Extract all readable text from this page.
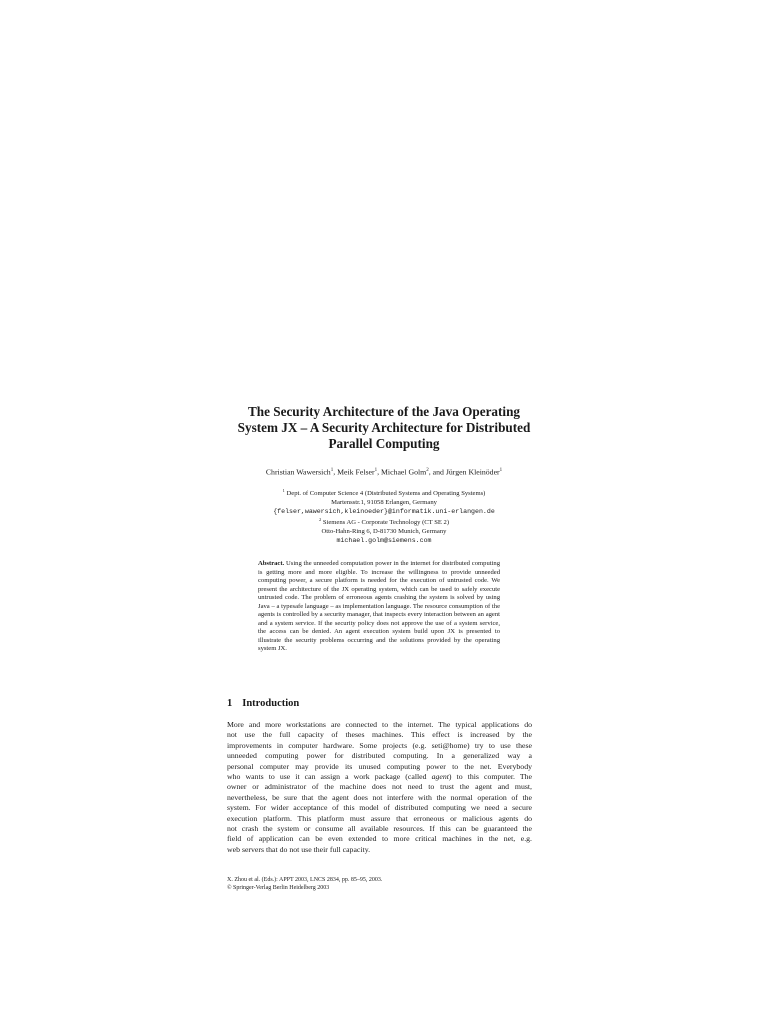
The Security Architecture of the Java Operating
System JX – A Security Architecture for Distributed
Parallel Computing
Christian Wawersich$^1$, Meik Felser$^1$, Michael Golm$^2$, and Jürgen Kleinöder$^1$
$^1$ Dept. of Computer Science 4 (Distributed Systems and Operating Systems)
Martensstr.1, 91058 Erlangen, Germany
{felser,wawersich,kleinoeder}@informatik.uni-erlangen.de
$^2$ Siemens AG - Corporate Technology (CT SE 2)
Otto-Hahn-Ring 6, D-81730 Munich, Germany
michael.golm@siemens.com

Abstract. Using the unneeded computation power in the internet for distributed computing is getting more and more eligible. To increase the willingness to provide unneeded computing power, a secure platform is needed for the execution of untrusted code. We present the architecture of the JX operating system, which can be used to safely execute untrusted code. The problem of erroneous agents crashing the system is solved by using Java – a typesafe language – as implementation language. The resource consumption of the agents is controlled by a security manager, that inspects every interaction between an agent and a system service. If the security policy does not approve the use of a system service, the access can be denied. An agent execution system build upon JX is presented to illustrate the security problems occurring and the solutions provided by the operating system JX.

1 Introduction
More and more workstations are connected to the internet. The typical applications do
not use the full capacity of theses machines. This effect is increased by the
improvements in computer hardware. Some projects (e.g. seti@home) try to use these
unneeded computing power for distributed computing. In a generalized way a
personal computer may provide its unused computing power to the net. Everybody
who wants to use it can assign a work package (called agent) to this computer. The
owner or administrator of the machine does not need to trust the agent and must,
nevertheless, be sure that the agent does not interfere with the normal operation of the
system. For wider acceptance of this model of distributed computing we need a secure
execution platform. This platform must assure that erroneous or malicious agents do
not crash the system or consume all available resources. If this can be guaranteed the
field of application can be even extended to more critical machines in the net, e.g.
web servers that do not use their full capacity.
X. Zhou et al. (Eds.): APPT 2003, LNCS 2834, pp. 85–95, 2003.
© Springer-Verlag Berlin Heidelberg 2003
